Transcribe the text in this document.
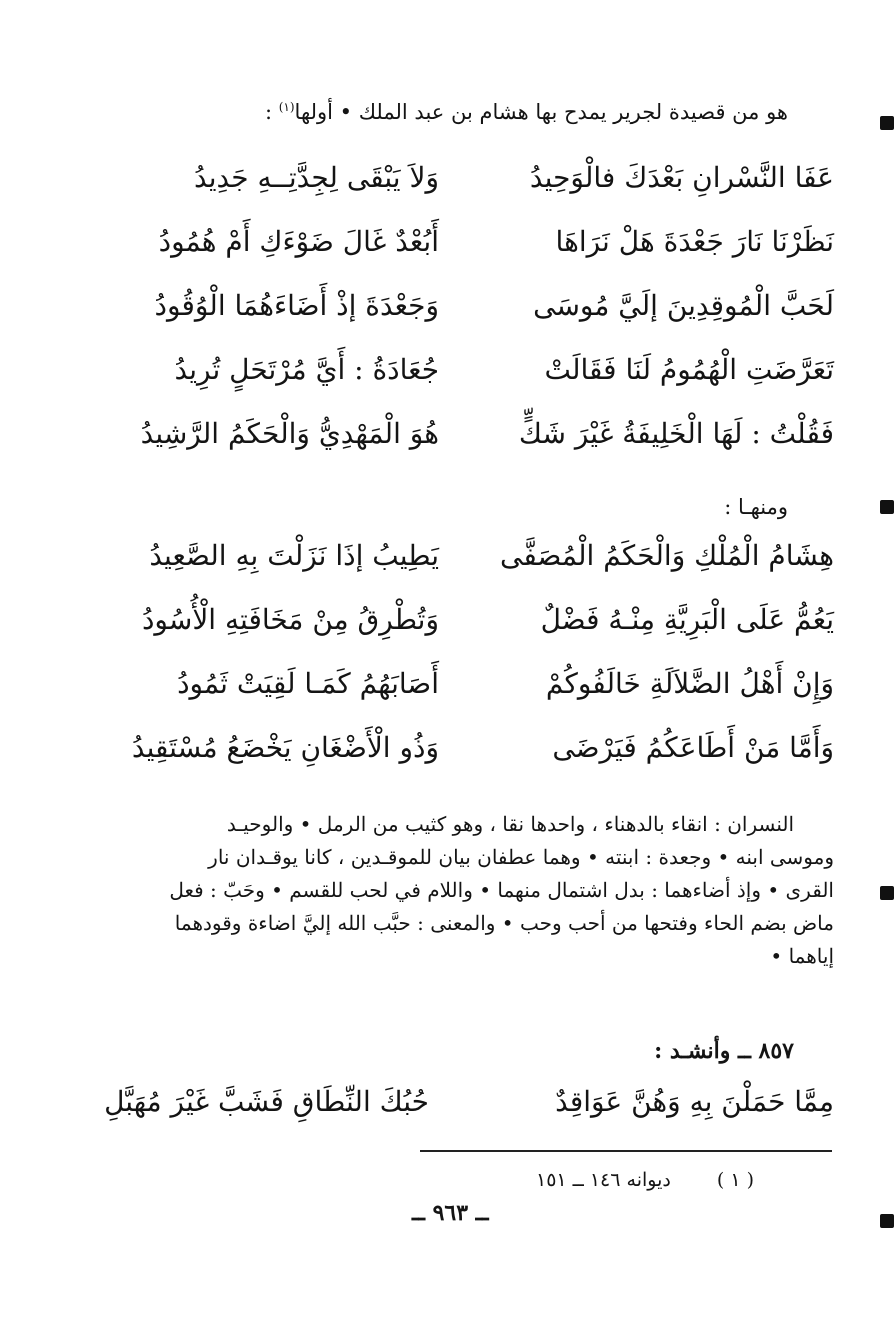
هو من قصيدة لجرير يمدح بها هشام بن عبد الملك • أولها$^{(١)}$ :
عَفَا النَّسْرانِ بَعْدَكَ فالْوَحِيدُ
وَلاَ يَبْقَى لِجِدَّتِــهِ جَدِيدُ
نَظَرْنَا نَارَ جَعْدَةَ هَلْ نَرَاهَا
أَبُعْدٌ غَالَ ضَوْءَكِ أَمْ هُمُودُ
لَحَبَّ الْمُوقِدِينَ إلَيَّ مُوسَى
وَجَعْدَةَ إذْ أَضَاءَهُمَا الْوُقُودُ
تَعَرَّضَتِ الْهُمُومُ لَنَا فَقَالَتْ
جُعَادَةُ : أَيَّ مُرْتَحَلٍ تُرِيدُ
فَقُلْتُ : لَهَا الْخَلِيفَةُ غَيْرَ شَكٍّ
هُوَ الْمَهْدِيُّ وَالْحَكَمُ الرَّشِيدُ
ومنهـا :
هِشَامُ الْمُلْكِ وَالْحَكَمُ الْمُصَفَّى
يَطِيبُ إذَا نَزَلْتَ بِهِ الصَّعِيدُ
يَعُمُّ عَلَى الْبَرِيَّةِ مِنْـهُ فَضْلٌ
وَتُطْرِقُ مِنْ مَخَافَتِهِ الْأُسُودُ
وَإِنْ أَهْلُ الضَّلاَلَةِ خَالَفُوكُمْ
أَصَابَهُمُ كَمَـا لَقِيَتْ ثَمُودُ
وَأَمَّا مَنْ أَطَاعَكُمُ فَيَرْضَى
وَذُو الْأَضْغَانِ يَخْضَعُ مُسْتَقِيدُ

النسران : انقاء بالدهناء ، واحدها نقا ، وهو كثيب من الرمل • والوحيـد

وموسى ابنه • وجعدة : ابنته • وهما عطفان بيان للموقـدين ، كانا يوقـدان نار

القرى • وإذ أضاءهما : بدل اشتمال منهما • واللام في لحب للقسم • وحَبّ : فعل

ماض بضم الحاء وفتحها من أحب وحب • والمعنى : حبَّب الله إليَّ اضاءة وقودهما

إياهما •

٨٥٧ ــ وأنشـد :
مِمَّا حَمَلْنَ بِهِ وَهُنَّ عَوَاقِدٌ
حُبُكَ النِّطَاقِ فَشَبَّ غَيْرَ مُهَبَّلِ
( ١ ) ديوانه ١٤٦ ــ ١٥١
ــ ٩٦٣ ــ
